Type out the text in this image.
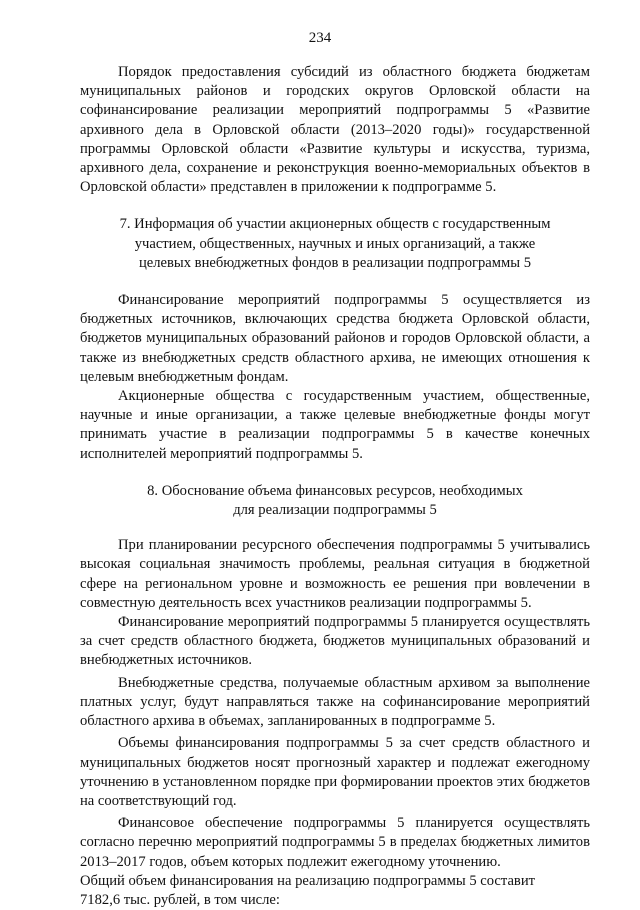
234

Порядок предоставления субсидий из областного бюджета бюджетам муниципальных районов и городских округов Орловской области на софинансирование реализации мероприятий подпрограммы 5 «Развитие архивного дела в Орловской области (2013–2020 годы)» государственной программы Орловской области «Развитие культуры и искусства, туризма, архивного дела, сохранение и реконструкция военно-мемориальных объектов в Орловской области» представлен в приложении к подпрограмме 5.

7. Информация об участии акционерных обществ с государственным
участием, общественных, научных и иных организаций, а также
целевых внебюджетных фондов в реализации подпрограммы 5

Финансирование мероприятий подпрограммы 5 осуществляется из бюджетных источников, включающих средства бюджета Орловской области, бюджетов муниципальных образований районов и городов Орловской области, а также из внебюджетных средств областного архива, не имеющих отношения к целевым внебюджетным фондам.

Акционерные общества с государственным участием, общественные, научные и иные организации, а также целевые внебюджетные фонды могут принимать участие в реализации подпрограммы 5 в качестве конечных исполнителей мероприятий подпрограммы 5.

8. Обоснование объема финансовых ресурсов, необходимых
для реализации подпрограммы 5

При планировании ресурсного обеспечения подпрограммы 5 учитывались высокая социальная значимость проблемы, реальная ситуация в бюджетной сфере на региональном уровне и возможность ее решения при вовлечении в совместную деятельность всех участников реализации подпрограммы 5.

Финансирование мероприятий подпрограммы 5 планируется осуществлять за счет средств областного бюджета, бюджетов муниципальных образований и внебюджетных источников.

Внебюджетные средства, получаемые областным архивом за выполнение платных услуг, будут направляться также на софинансирование мероприятий областного архива в объемах, запланированных в подпрограмме 5.

Объемы финансирования подпрограммы 5 за счет средств областного и муниципальных бюджетов носят прогнозный характер и подлежат ежегодному уточнению в установленном порядке при формировании проектов этих бюджетов на соответствующий год.

Финансовое обеспечение подпрограммы 5 планируется осуществлять согласно перечню мероприятий подпрограммы 5 в пределах бюджетных лимитов 2013–2017 годов, объем которых подлежит ежегодному уточнению.

Общий объем финансирования на реализацию подпрограммы 5 составит

7182,6 тыс. рублей, в том числе:
